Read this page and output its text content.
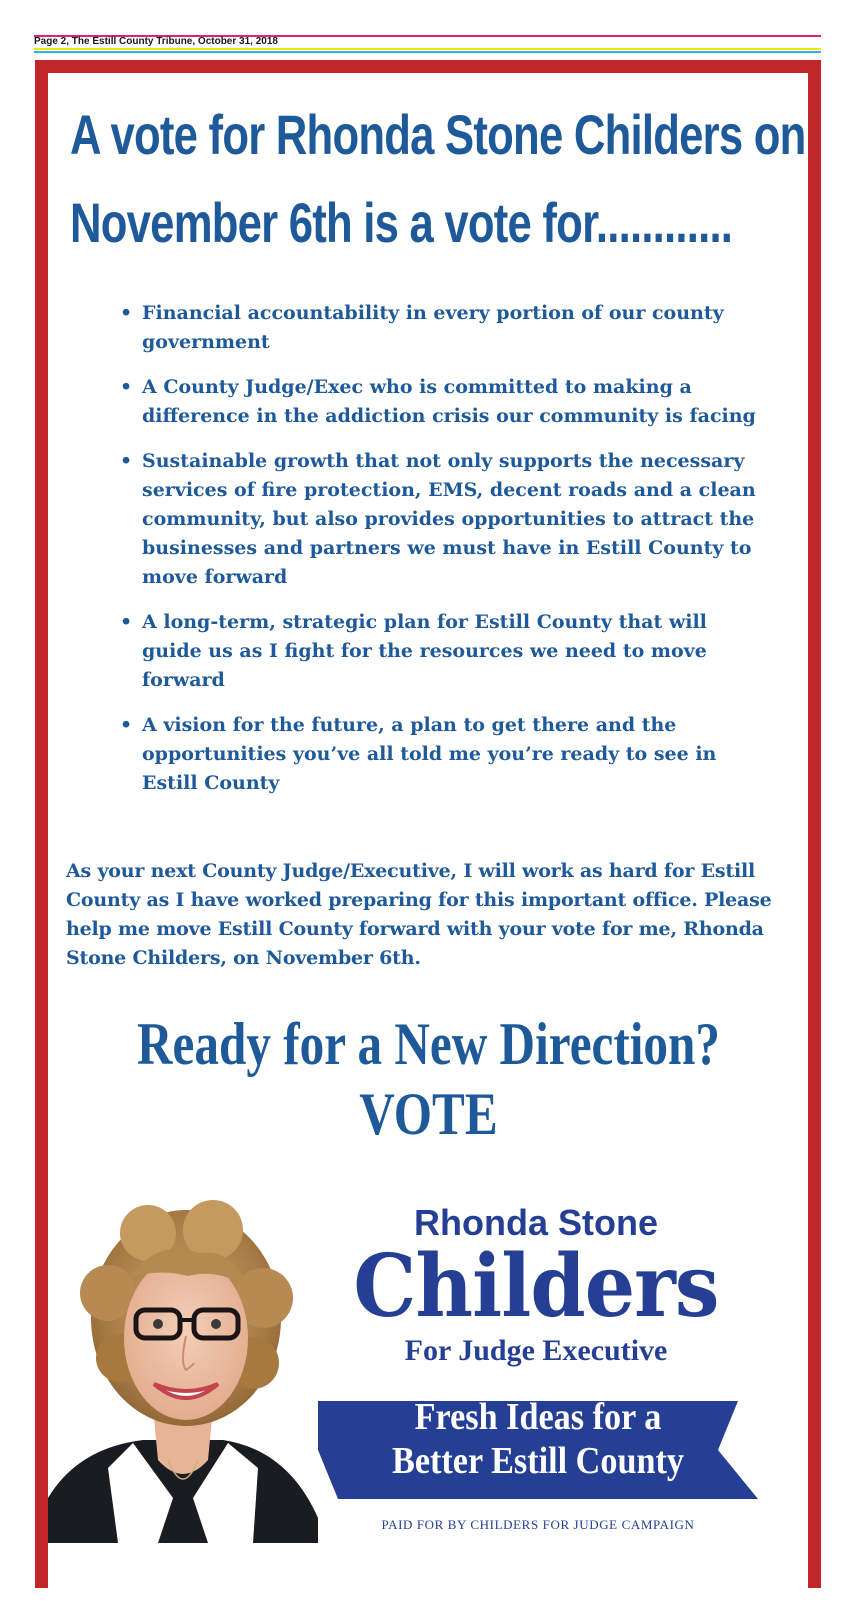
Page 2, The Estill County Tribune, October 31, 2018
A vote for Rhonda Stone Childers on
November 6th is a vote for............
• Financial accountability in every portion of our county government
• A County Judge/Exec who is committed to making a difference in the addiction crisis our community is facing
• Sustainable growth that not only supports the necessary services of fire protection, EMS, decent roads and a clean community, but also provides opportunities to attract the businesses and partners we must have in Estill County to move forward
• A long-term, strategic plan for Estill County that will guide us as I fight for the resources we need to move forward
• A vision for the future, a plan to get there and the opportunities you’ve all told me you’re ready to see in Estill County
As your next County Judge/Executive, I will work as hard for Estill County as I have worked preparing for this important office. Please help me move Estill County forward with your vote for me, Rhonda Stone Childers, on November 6th.
Ready for a New Direction?
VOTE
Rhonda Stone
Childers
For Judge Executive
Fresh Ideas for a
Better Estill County
PAID FOR BY CHILDERS FOR JUDGE CAMPAIGN
